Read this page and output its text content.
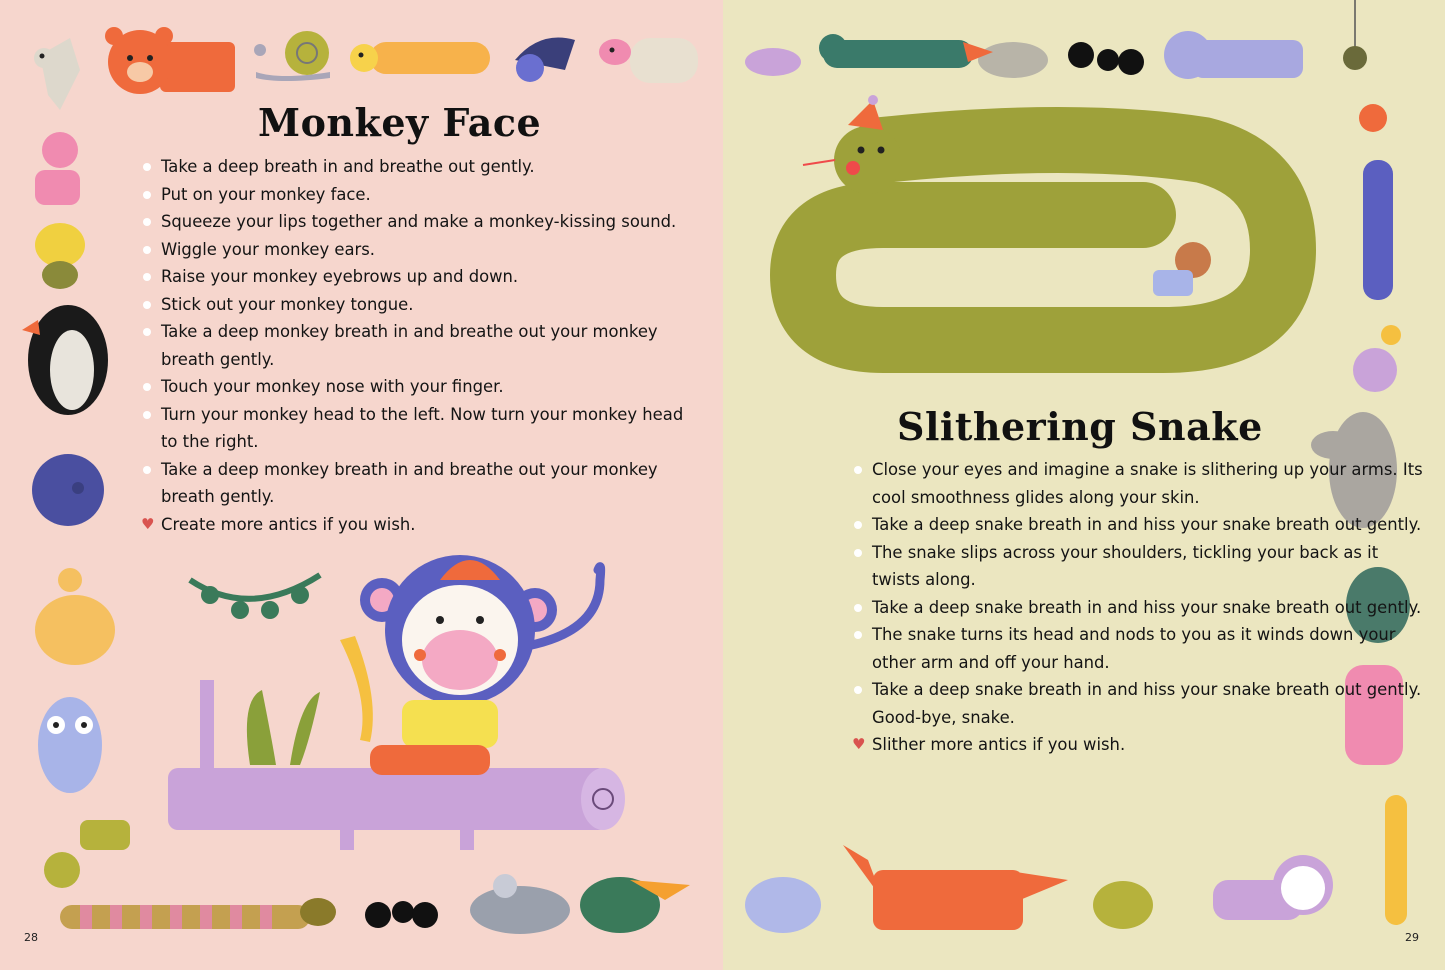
Monkey Face
Take a deep breath in and breathe out gently.
Put on your monkey face.
Squeeze your lips together and make a monkey-kissing sound.
Wiggle your monkey ears.
Raise your monkey eyebrows up and down.
Stick out your monkey tongue.
Take a deep monkey breath in and breathe out your monkey breath gently.
Touch your monkey nose with your finger.
Turn your monkey head to the left. Now turn your monkey head to the right.
Take a deep monkey breath in and breathe out your monkey breath gently.
♥ Create more antics if you wish.
28
Slithering Snake
Close your eyes and imagine a snake is slithering up your arms. Its cool smoothness glides along your skin.
Take a deep snake breath in and hiss your snake breath out gently.
The snake slips across your shoulders, tickling your back as it twists along.
Take a deep snake breath in and hiss your snake breath out gently.
The snake turns its head and nods to you as it winds down your other arm and off your hand.
Take a deep snake breath in and hiss your snake breath out gently. Good-bye, snake.
♥ Slither more antics if you wish.
29
